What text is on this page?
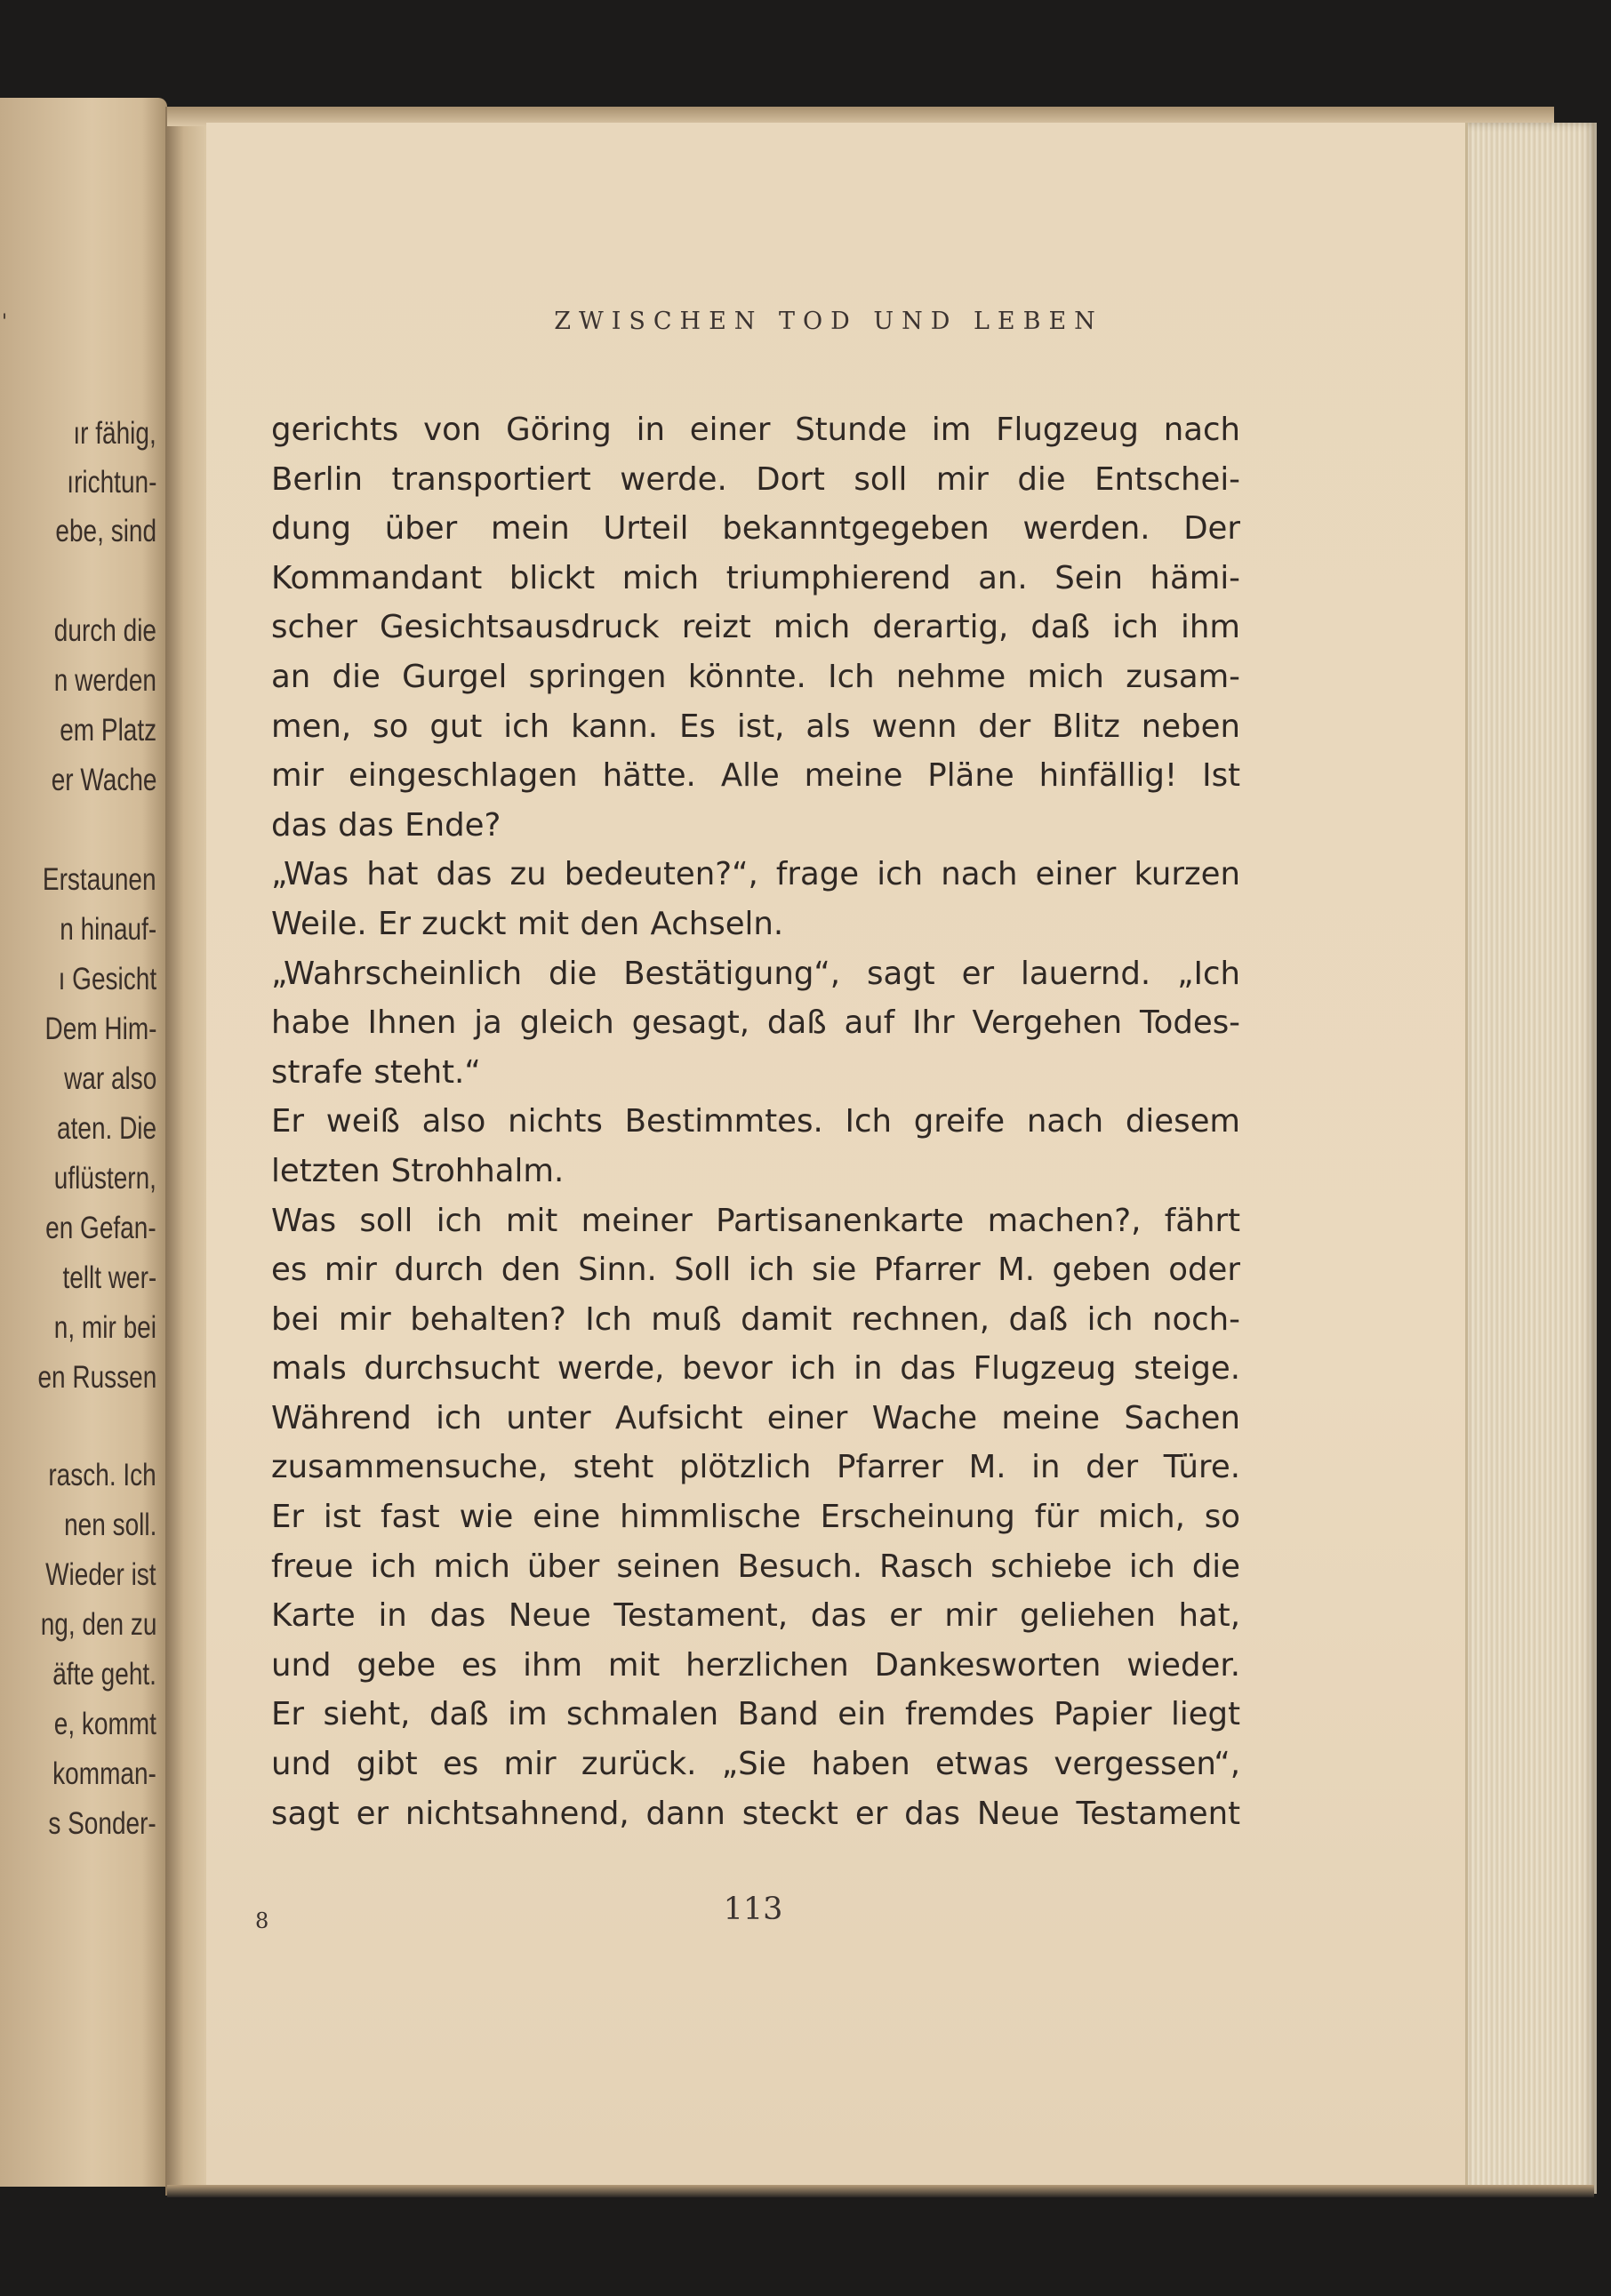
'
ır fähig,
ırichtun-
ebe, sind
durch die
n werden
em Platz
er Wache
Erstaunen
n hinauf-
ı Gesicht
Dem Him-
war also
aten. Die
uflüstern,
en Gefan-
tellt wer-
n, mir bei
en Russen
rasch. Ich
nen soll.
Wieder ist
ng, den zu
äfte geht.
e, kommt
komman-
s Sonder-
ZWISCHEN TOD UND LEBEN
gerichts von Göring in einer Stunde im Flugzeug nach
Berlin transportiert werde. Dort soll mir die Entschei-
dung über mein Urteil bekanntgegeben werden. Der
Kommandant blickt mich triumphierend an. Sein hämi-
scher Gesichtsausdruck reizt mich derartig, daß ich ihm
an die Gurgel springen könnte. Ich nehme mich zusam-
men, so gut ich kann. Es ist, als wenn der Blitz neben
mir eingeschlagen hätte. Alle meine Pläne hinfällig! Ist
das das Ende?
„Was hat das zu bedeuten?“, frage ich nach einer kurzen
Weile. Er zuckt mit den Achseln.
„Wahrscheinlich die Bestätigung“, sagt er lauernd. „Ich
habe Ihnen ja gleich gesagt, daß auf Ihr Vergehen Todes-
strafe steht.“
Er weiß also nichts Bestimmtes. Ich greife nach diesem
letzten Strohhalm.
Was soll ich mit meiner Partisanenkarte machen?, fährt
es mir durch den Sinn. Soll ich sie Pfarrer M. geben oder
bei mir behalten? Ich muß damit rechnen, daß ich noch-
mals durchsucht werde, bevor ich in das Flugzeug steige.
Während ich unter Aufsicht einer Wache meine Sachen
zusammensuche, steht plötzlich Pfarrer M. in der Türe.
Er ist fast wie eine himmlische Erscheinung für mich, so
freue ich mich über seinen Besuch. Rasch schiebe ich die
Karte in das Neue Testament, das er mir geliehen hat,
und gebe es ihm mit herzlichen Dankesworten wieder.
Er sieht, daß im schmalen Band ein fremdes Papier liegt
und gibt es mir zurück. „Sie haben etwas vergessen“,
sagt er nichtsahnend, dann steckt er das Neue Testament
8	113
